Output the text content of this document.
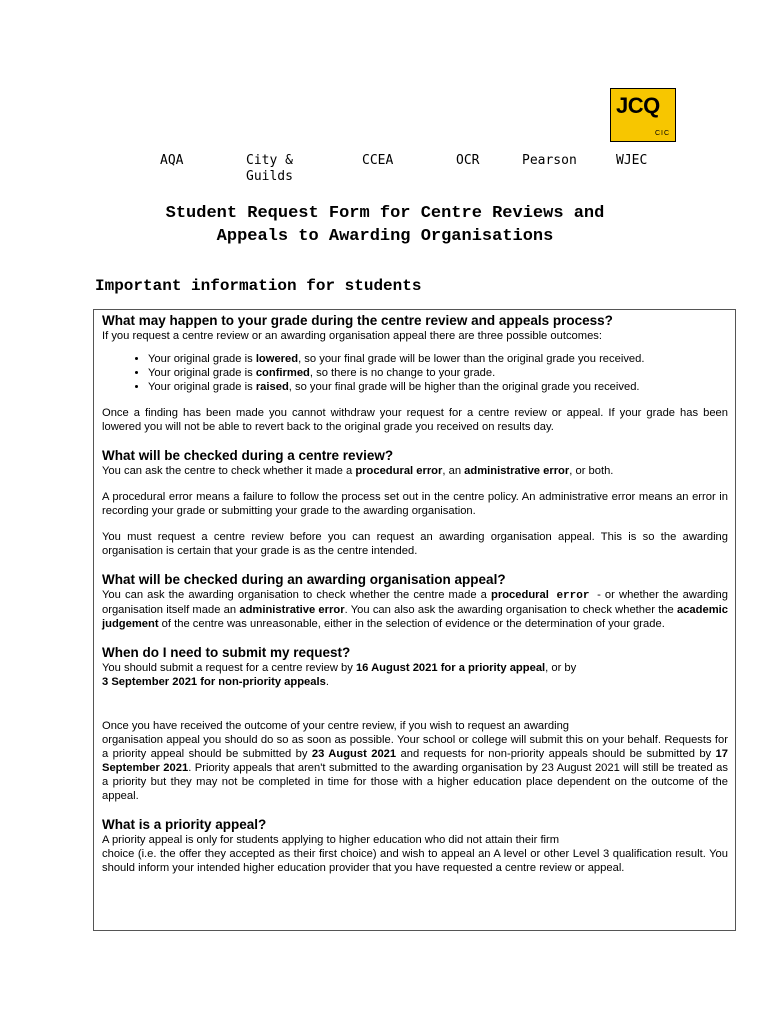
JCQ
CIC
AQA	City & Guilds
CCEA	OCR	Pearson	WJEC
Student Request Form for Centre Reviews and
Appeals to Awarding Organisations
Important information for students
What may happen to your grade during the centre review and appeals process?

If you request a centre review or an awarding organisation appeal there are three possible outcomes:

• Your original grade is lowered, so your final grade will be lower than the original grade you received.
• Your original grade is confirmed, so there is no change to your grade.
• Your original grade is raised, so your final grade will be higher than the original grade you received.

Once a finding has been made you cannot withdraw your request for a centre review or appeal. If your grade has been lowered you will not be able to revert back to the original grade you received on results day.

What will be checked during a centre review?

You can ask the centre to check whether it made a procedural error, an administrative error, or both.

A procedural error means a failure to follow the process set out in the centre policy. An administrative error means an error in recording your grade or submitting your grade to the awarding organisation.

You must request a centre review before you can request an awarding organisation appeal. This is so the awarding organisation is certain that your grade is as the centre intended.

What will be checked during an awarding organisation appeal?

You can ask the awarding organisation to check whether the centre made a procedural error - or whether the awarding organisation itself made an administrative error. You can also ask the awarding organisation to check whether the academic judgement of the centre was unreasonable, either in the selection of evidence or the determination of your grade.

When do I need to submit my request?

You should submit a request for a centre review by 16 August 2021 for a priority appeal, or by
3 September 2021 for non-priority appeals.

Once you have received the outcome of your centre review, if you wish to request an awarding
organisation appeal you should do so as soon as possible. Your school or college will submit this on your behalf. Requests for a priority appeal should be submitted by 23 August 2021 and requests for non-priority appeals should be submitted by 17 September 2021. Priority appeals that aren't submitted to the awarding organisation by 23 August 2021 will still be treated as a priority but they may not be completed in time for those with a higher education place dependent on the outcome of the appeal.

What is a priority appeal?

A priority appeal is only for students applying to higher education who did not attain their firm
choice (i.e. the offer they accepted as their first choice) and wish to appeal an A level or other Level 3 qualification result. You should inform your intended higher education provider that you have requested a centre review or appeal.
